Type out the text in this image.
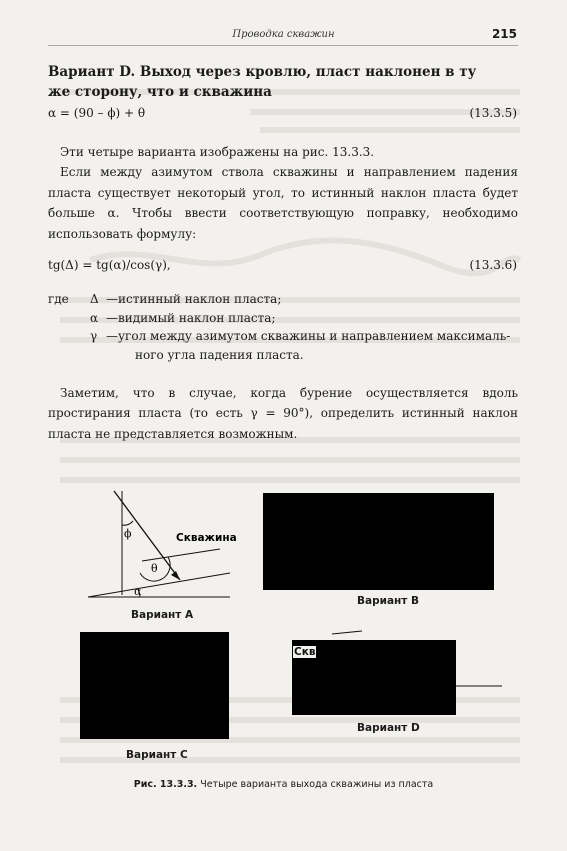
Проводка скважин	215
Вариант D. Выход через кровлю, пласт наклонен в ту же сторону, что и скважина
α = (90 – ϕ) + θ	(13.3.5)

Эти четыре варианта изображены на рис. 13.3.3.

Если между азимутом ствола скважины и направлением падения пласта существует некоторый угол, то истинный наклон пласта будет больше α. Чтобы ввести соответствующую поправку, необходимо использовать формулу:

tg(Δ) = tg(α)/cos(γ),	(13.3.6)
где Δ — истинный наклон пласта;
α — видимый наклон пласта;
γ — угол между азимутом скважины и направлением максималь-
ного угла падения пласта.

Заметим, что в случае, когда бурение осуществляется вдоль простирания пласта (то есть γ = 90°), определить истинный наклон пласта не представляется возможным.

ϕ
θ
α
Скважина
Вариант А
Вариант B
Вариант C
Скв
Вариант D
Рис. 13.3.3. Четыре варианта выхода скважины из пласта
